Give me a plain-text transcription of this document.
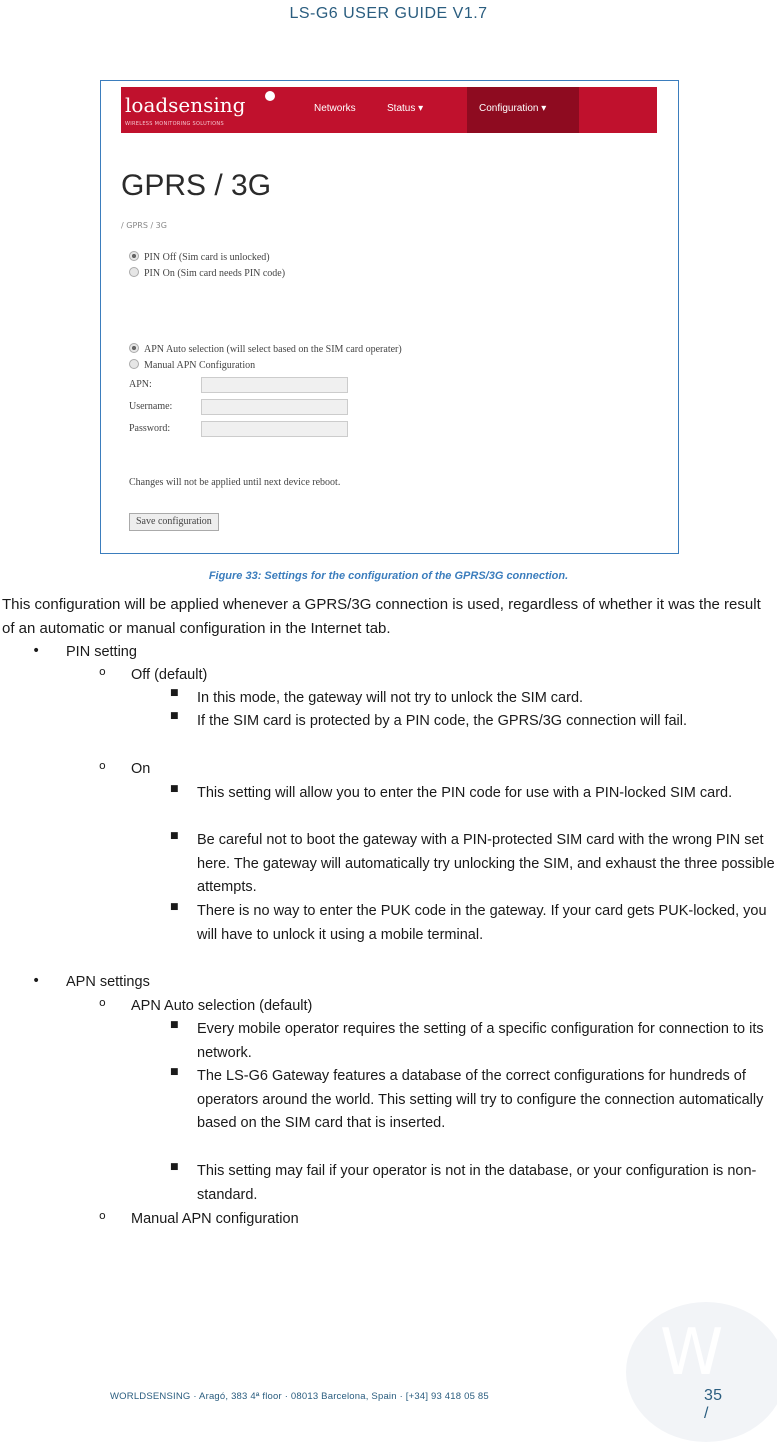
LS-G6 USER GUIDE V1.7
loadsensing
WIRELESS MONITORING SOLUTIONS
Networks	Status ▾	Configuration ▾
GPRS / 3G
/ GPRS / 3G
PIN Off (Sim card is unlocked)
PIN On (Sim card needs PIN code)
APN Auto selection (will select based on the SIM card operater)
Manual APN Configuration
APN:
Username:
Password:
Changes will not be applied until next device reboot.
Save configuration
Figure 33: Settings for the configuration of the GPRS/3G connection.
This configuration will be applied whenever a GPRS/3G connection is used, regardless of whether it was the result of an automatic or manual configuration in the Internet tab.
• PIN setting
o Off (default)
■ In this mode, the gateway will not try to unlock the SIM card.
■ If the SIM card is protected by a PIN code, the GPRS/3G connection will fail.
o On
■ This setting will allow you to enter the PIN code for use with a PIN-locked SIM card.
■ Be careful not to boot the gateway with a PIN-protected SIM card with the wrong PIN set here. The gateway will automatically try unlocking the SIM, and exhaust the three possible attempts.
■ There is no way to enter the PUK code in the gateway. If your card gets PUK-locked, you will have to unlock it using a mobile terminal.
• APN settings
o APN Auto selection (default)
■ Every mobile operator requires the setting of a specific configuration for connection to its network.
■ The LS-G6 Gateway features a database of the correct configurations for hundreds of operators around the world. This setting will try to configure the connection automatically based on the SIM card that is inserted.
■ This setting may fail if your operator is not in the database, or your configuration is non-standard.
o Manual APN configuration
W
WORLDSENSING · Aragó, 383 4ª floor · 08013 Barcelona, Spain · [+34] 93 418 05 85	35 /
